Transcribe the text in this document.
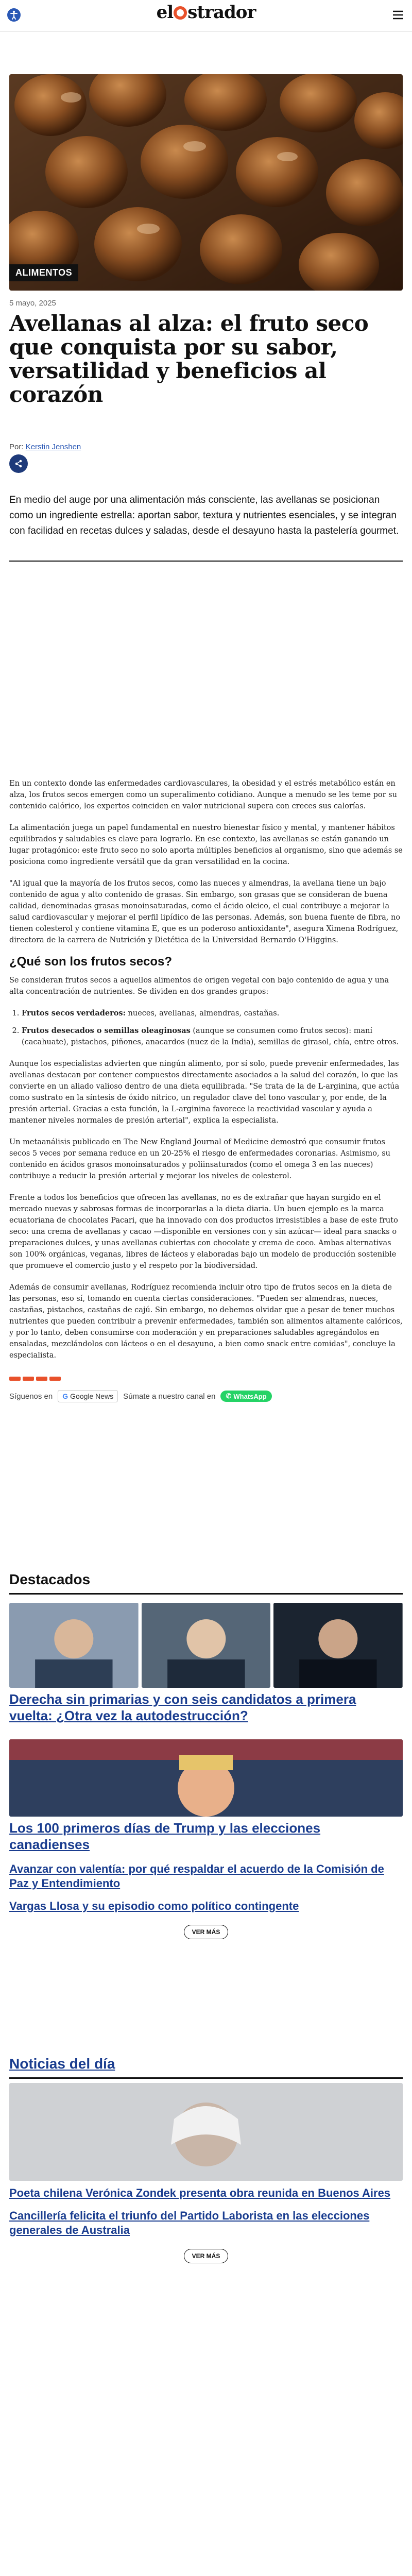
el strador
ALIMENTOS
5 mayo, 2025
Avellanas al alza: el fruto seco que conquista por su sabor, versatilidad y beneficios al corazón
Por: Kerstin Jenshen

En medio del auge por una alimentación más consciente, las avellanas se posicionan como un ingrediente estrella: aportan sabor, textura y nutrientes esenciales, y se integran con facilidad en recetas dulces y saladas, desde el desayuno hasta la pastelería gourmet.

En un contexto donde las enfermedades cardiovasculares, la obesidad y el estrés metabólico están en alza, los frutos secos emergen como un superalimento cotidiano. Aunque a menudo se les teme por su contenido calórico, los expertos coinciden en valor nutricional supera con creces sus calorías.

La alimentación juega un papel fundamental en nuestro bienestar físico y mental, y mantener hábitos equilibrados y saludables es clave para lograrlo. En ese contexto, las avellanas se están ganando un lugar protagónico: este fruto seco no solo aporta múltiples beneficios al organismo, sino que además se posiciona como ingrediente versátil que da gran versatilidad en la cocina.

"Al igual que la mayoría de los frutos secos, como las nueces y almendras, la avellana tiene un bajo contenido de agua y alto contenido de grasas. Sin embargo, son grasas que se consideran de buena calidad, denominadas grasas monoinsaturadas, como el ácido oleico, el cual contribuye a mejorar la salud cardiovascular y mejorar el perfil lipídico de las personas. Además, son buena fuente de fibra, no tienen colesterol y contiene vitamina E, que es un poderoso antioxidante", asegura Ximena Rodríguez, directora de la carrera de Nutrición y Dietética de la Universidad Bernardo O'Higgins.

¿Qué son los frutos secos?

Se consideran frutos secos a aquellos alimentos de origen vegetal con bajo contenido de agua y una alta concentración de nutrientes. Se dividen en dos grandes grupos:

1. Frutos secos verdaderos: nueces, avellanas, almendras, castañas.
2. Frutos desecados o semillas oleaginosas (aunque se consumen como frutos secos): maní (cacahuate), pistachos, piñones, anacardos (nuez de la India), semillas de girasol, chía, entre otros.

Aunque los especialistas advierten que ningún alimento, por sí solo, puede prevenir enfermedades, las avellanas destacan por contener compuestos directamente asociados a la salud del corazón, lo que las convierte en un aliado valioso dentro de una dieta equilibrada. "Se trata de la de L-arginina, que actúa como sustrato en la síntesis de óxido nítrico, un regulador clave del tono vascular y, por ende, de la presión arterial. Gracias a esta función, la L-arginina favorece la reactividad vascular y ayuda a mantener niveles normales de presión arterial", explica la especialista.

Un metaanálisis publicado en The New England Journal of Medicine demostró que consumir frutos secos 5 veces por semana reduce en un 20-25% el riesgo de enfermedades coronarias. Asimismo, su contenido en ácidos grasos monoinsaturados y poliinsaturados (como el omega 3 en las nueces) contribuye a reducir la presión arterial y mejorar los niveles de colesterol.

Frente a todos los beneficios que ofrecen las avellanas, no es de extrañar que hayan surgido en el mercado nuevas y sabrosas formas de incorporarlas a la dieta diaria. Un buen ejemplo es la marca ecuatoriana de chocolates Pacari, que ha innovado con dos productos irresistibles a base de este fruto seco: una crema de avellanas y cacao —disponible en versiones con y sin azúcar— ideal para snacks o preparaciones dulces, y unas avellanas cubiertas con chocolate y crema de coco. Ambas alternativas son 100% orgánicas, veganas, libres de lácteos y elaboradas bajo un modelo de producción sostenible que promueve el comercio justo y el respeto por la biodiversidad.

Además de consumir avellanas, Rodríguez recomienda incluir otro tipo de frutos secos en la dieta de las personas, eso sí, tomando en cuenta ciertas consideraciones. "Pueden ser almendras, nueces, castañas, pistachos, castañas de cajú. Sin embargo, no debemos olvidar que a pesar de tener muchos nutrientes que pueden contribuir a prevenir enfermedades, también son alimentos altamente calóricos, y por lo tanto, deben consumirse con moderación y en preparaciones saludables agregándolos en ensaladas, mezclándolos con lácteos o en el desayuno, a bien como snack entre comidas", concluye la especialista.

Síguenos en G Google News Súmate a nuestro canal en ✆ WhatsApp
Destacados
Derecha sin primarias y con seis candidatos a primera vuelta: ¿Otra vez la autodestrucción?
Los 100 primeros días de Trump y las elecciones canadienses
Avanzar con valentía: por qué respaldar el acuerdo de la Comisión de Paz y Entendimiento
Vargas Llosa y su episodio como político contingente
VER MÁS
Noticias del día
Poeta chilena Verónica Zondek presenta obra reunida en Buenos Aires
Cancillería felicita el triunfo del Partido Laborista en las elecciones generales de Australia
VER MÁS
